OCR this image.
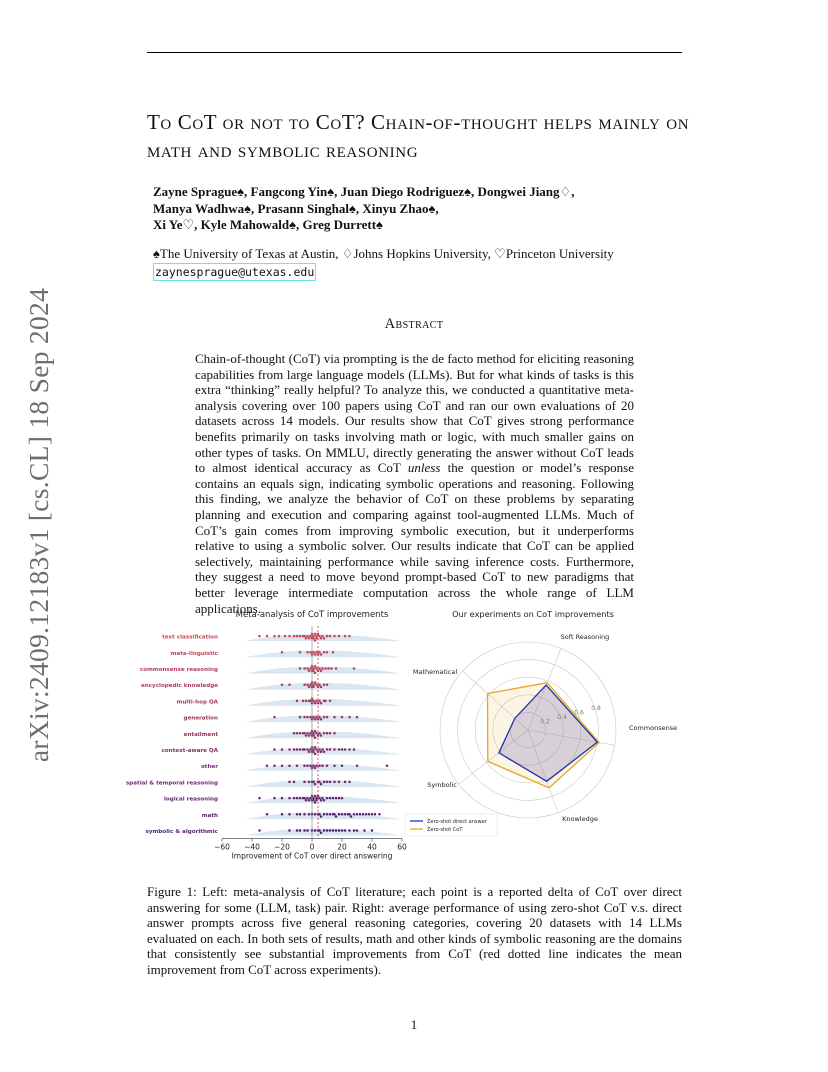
arXiv:2409.12183v1 [cs.CL] 18 Sep 2024
To CoT or not to CoT? Chain-of-thought helps mainly on math and symbolic reasoning
Zayne Sprague♠, Fangcong Yin♠, Juan Diego Rodriguez♠, Dongwei Jiang♢,
Manya Wadhwa♠, Prasann Singhal♠, Xinyu Zhao♠,
Xi Ye♡, Kyle Mahowald♠, Greg Durrett♠
♠The University of Texas at Austin, ♢Johns Hopkins University, ♡Princeton University
zaynesprague@utexas.edu
Abstract
Chain-of-thought (CoT) via prompting is the de facto method for eliciting reasoning capabilities from large language models (LLMs). But for what kinds of tasks is this extra “thinking” really helpful? To analyze this, we conducted a quantitative meta-analysis covering over 100 papers using CoT and ran our own evaluations of 20 datasets across 14 models. Our results show that CoT gives strong performance benefits primarily on tasks involving math or logic, with much smaller gains on other types of tasks. On MMLU, directly generating the answer without CoT leads to almost identical accuracy as CoT unless the question or model’s response contains an equals sign, indicating symbolic operations and reasoning. Following this finding, we analyze the behavior of CoT on these problems by separating planning and execution and comparing against tool-augmented LLMs. Much of CoT’s gain comes from improving symbolic execution, but it underperforms relative to using a symbolic solver. Our results indicate that CoT can be applied selectively, maintaining performance while saving inference costs. Furthermore, they suggest a need to move beyond prompt-based CoT to new paradigms that better leverage intermediate computation across the whole range of LLM applications.
Meta-analysis of CoT improvements
text classification
meta-linguistic
commonsense reasoning
encyclopedic knowledge
multi-hop QA
generation
entailment
context-aware QA
other
spatial & temporal reasoning
logical reasoning
math
symbolic & algorithmic
−60 −40 −20	0	20	40	60
Improvement of CoT over direct answering
Our experiments on CoT improvements
0.6
0.8
Soft Reasoning
Commonsense
Knowledge
Symbolic
Mathematical
Zero-shot direct answer
Zero-shot CoT
Figure 1: Left: meta-analysis of CoT literature; each point is a reported delta of CoT over direct answering for some (LLM, task) pair. Right: average performance of using zero-shot CoT v.s. direct answer prompts across five general reasoning categories, covering 20 datasets with 14 LLMs evaluated on each. In both sets of results, math and other kinds of symbolic reasoning are the domains that consistently see substantial improvements from CoT (red dotted line indicates the mean improvement from CoT across experiments).
1
